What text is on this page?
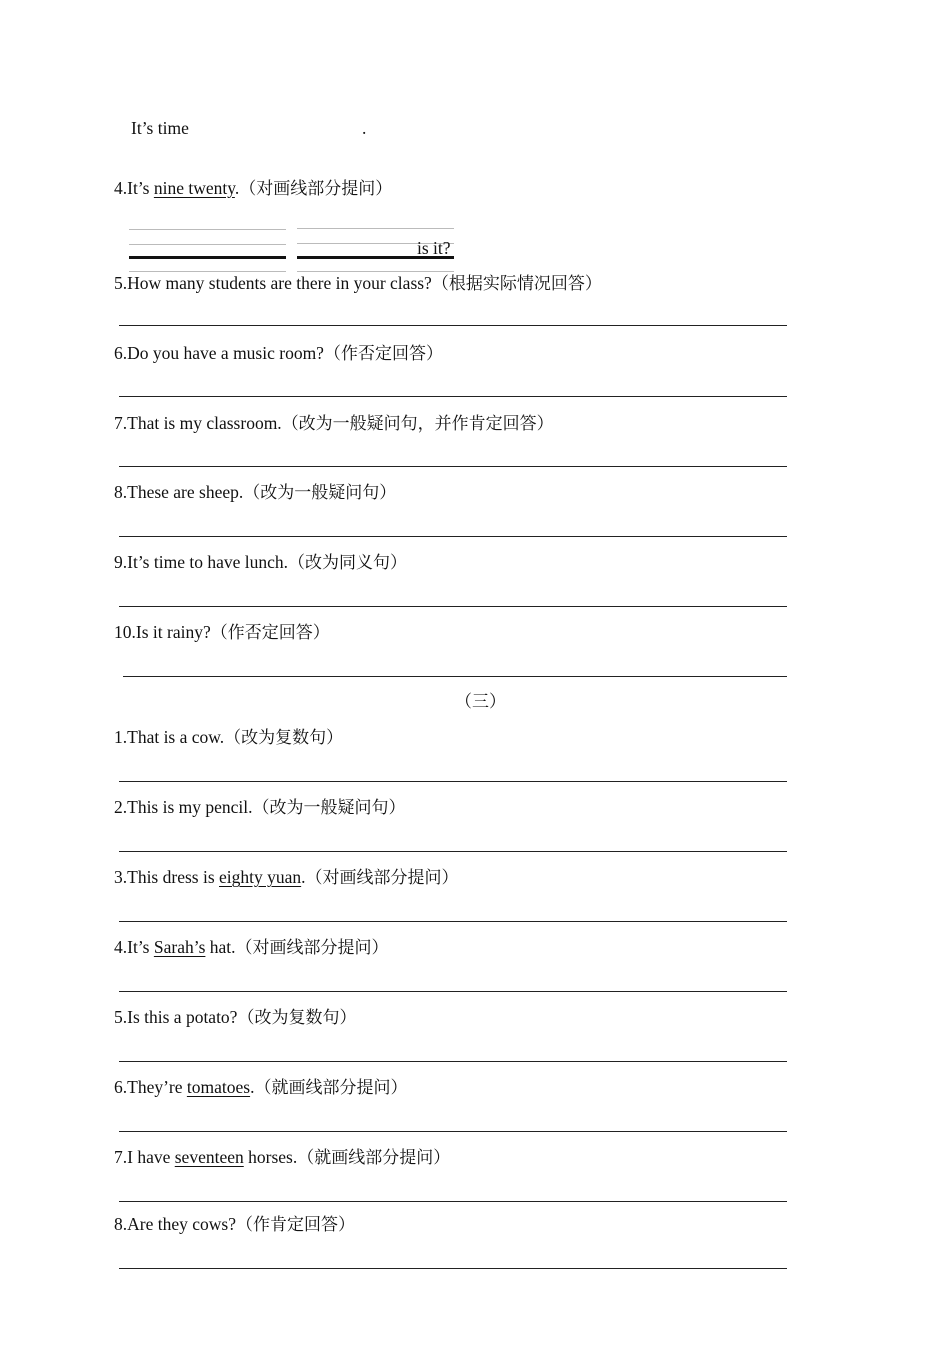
It’s time	.
is it?
（三）
4.It’s nine twenty.（对画线部分提问）
5.How many students are there in your class?（根据实际情况回答）
6.Do you have a music room?（作否定回答）
7.That is my classroom.（改为一般疑问句，并作肯定回答）
8.These are sheep.（改为一般疑问句）
9.It’s time to have lunch.（改为同义句）
10.Is it rainy?（作否定回答）
1.That is a cow.（改为复数句）
2.This is my pencil.（改为一般疑问句）
3.This dress is eighty yuan.（对画线部分提问）
4.It’s Sarah’s hat.（对画线部分提问）
5.Is this a potato?（改为复数句）
6.They’re tomatoes.（就画线部分提问）
7.I have seventeen horses.（就画线部分提问）
8.Are they cows?（作肯定回答）
